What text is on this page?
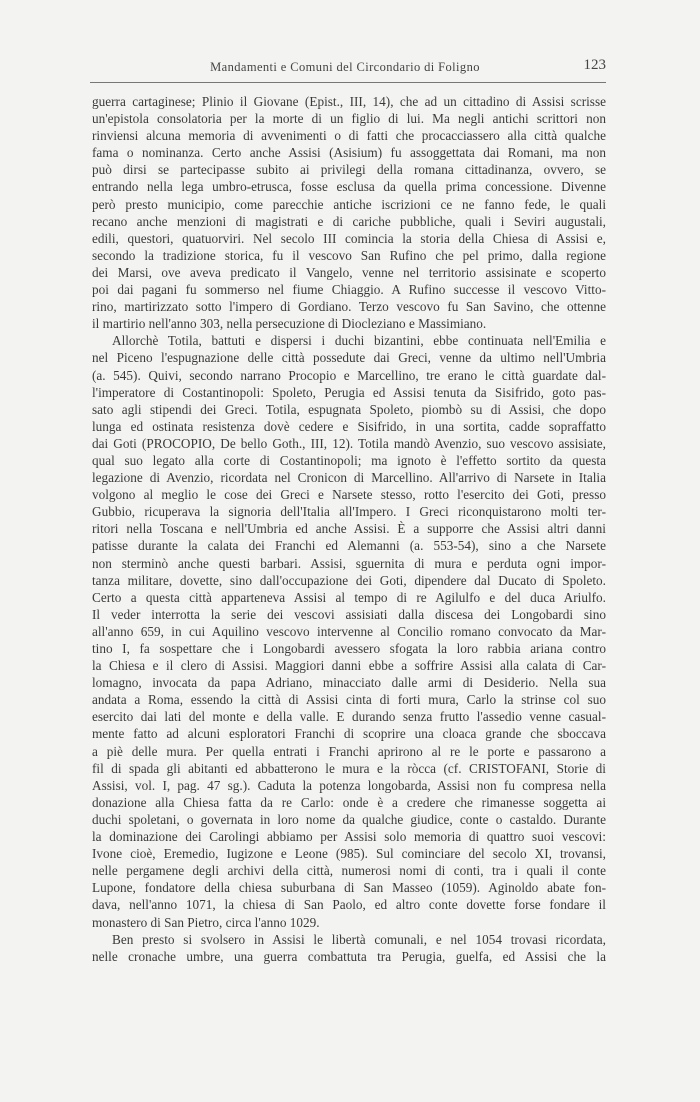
Mandamenti e Comuni del Circondario di Foligno	123
guerra cartaginese; Plinio il Giovane (Epist., III, 14), che ad un cittadino di Assisi scrisse
un'epistola consolatoria per la morte di un figlio di lui. Ma negli antichi scrittori non
rinviensi alcuna memoria di avvenimenti o di fatti che procacciassero alla città qualche
fama o nominanza. Certo anche Assisi (Asisium) fu assoggettata dai Romani, ma non
può dirsi se partecipasse subito ai privilegi della romana cittadinanza, ovvero, se
entrando nella lega umbro-etrusca, fosse esclusa da quella prima concessione. Divenne
però presto municipio, come parecchie antiche iscrizioni ce ne fanno fede, le quali
recano anche menzioni di magistrati e di cariche pubbliche, quali i Seviri augustali,
edili, questori, quatuorviri. Nel secolo III comincia la storia della Chiesa di Assisi e,
secondo la tradizione storica, fu il vescovo San Rufino che pel primo, dalla regione
dei Marsi, ove aveva predicato il Vangelo, venne nel territorio assisinate e scoperto
poi dai pagani fu sommerso nel fiume Chiaggio. A Rufino successe il vescovo Vitto-
rino, martirizzato sotto l'impero di Gordiano. Terzo vescovo fu San Savino, che ottenne
il martirio nell'anno 303, nella persecuzione di Diocleziano e Massimiano.
Allorchè Totila, battuti e dispersi i duchi bizantini, ebbe continuata nell'Emilia e
nel Piceno l'espugnazione delle città possedute dai Greci, venne da ultimo nell'Umbria
(a. 545). Quivi, secondo narrano Procopio e Marcellino, tre erano le città guardate dal-
l'imperatore di Costantinopoli: Spoleto, Perugia ed Assisi tenuta da Sisifrido, goto pas-
sato agli stipendi dei Greci. Totila, espugnata Spoleto, piombò su di Assisi, che dopo
lunga ed ostinata resistenza dovè cedere e Sisifrido, in una sortita, cadde sopraffatto
dai Goti (PROCOPIO, De bello Goth., III, 12). Totila mandò Avenzio, suo vescovo assisiate,
qual suo legato alla corte di Costantinopoli; ma ignoto è l'effetto sortito da questa
legazione di Avenzio, ricordata nel Cronicon di Marcellino. All'arrivo di Narsete in Italia
volgono al meglio le cose dei Greci e Narsete stesso, rotto l'esercito dei Goti, presso
Gubbio, ricuperava la signoria dell'Italia all'Impero. I Greci riconquistarono molti ter-
ritori nella Toscana e nell'Umbria ed anche Assisi. È a supporre che Assisi altri danni
patisse durante la calata dei Franchi ed Alemanni (a. 553-54), sino a che Narsete
non sterminò anche questi barbari. Assisi, sguernita di mura e perduta ogni impor-
tanza militare, dovette, sino dall'occupazione dei Goti, dipendere dal Ducato di Spoleto.
Certo a questa città apparteneva Assisi al tempo di re Agilulfo e del duca Ariulfo.
Il veder interrotta la serie dei vescovi assisiati dalla discesa dei Longobardi sino
all'anno 659, in cui Aquilino vescovo intervenne al Concilio romano convocato da Mar-
tino I, fa sospettare che i Longobardi avessero sfogata la loro rabbia ariana contro
la Chiesa e il clero di Assisi. Maggiori danni ebbe a soffrire Assisi alla calata di Car-
lomagno, invocata da papa Adriano, minacciato dalle armi di Desiderio. Nella sua
andata a Roma, essendo la città di Assisi cinta di forti mura, Carlo la strinse col suo
esercito dai lati del monte e della valle. E durando senza frutto l'assedio venne casual-
mente fatto ad alcuni esploratori Franchi di scoprire una cloaca grande che sboccava
a piè delle mura. Per quella entrati i Franchi aprirono al re le porte e passarono a
fil di spada gli abitanti ed abbatterono le mura e la ròcca (cf. CRISTOFANI, Storie di
Assisi, vol. I, pag. 47 sg.). Caduta la potenza longobarda, Assisi non fu compresa nella
donazione alla Chiesa fatta da re Carlo: onde è a credere che rimanesse soggetta ai
duchi spoletani, o governata in loro nome da qualche giudice, conte o castaldo. Durante
la dominazione dei Carolingi abbiamo per Assisi solo memoria di quattro suoi vescovi:
Ivone cioè, Eremedio, Iugizone e Leone (985). Sul cominciare del secolo XI, trovansi,
nelle pergamene degli archivi della città, numerosi nomi di conti, tra i quali il conte
Lupone, fondatore della chiesa suburbana di San Masseo (1059). Aginoldo abate fon-
dava, nell'anno 1071, la chiesa di San Paolo, ed altro conte dovette forse fondare il
monastero di San Pietro, circa l'anno 1029.
Ben presto si svolsero in Assisi le libertà comunali, e nel 1054 trovasi ricordata,
nelle cronache umbre, una guerra combattuta tra Perugia, guelfa, ed Assisi che la
